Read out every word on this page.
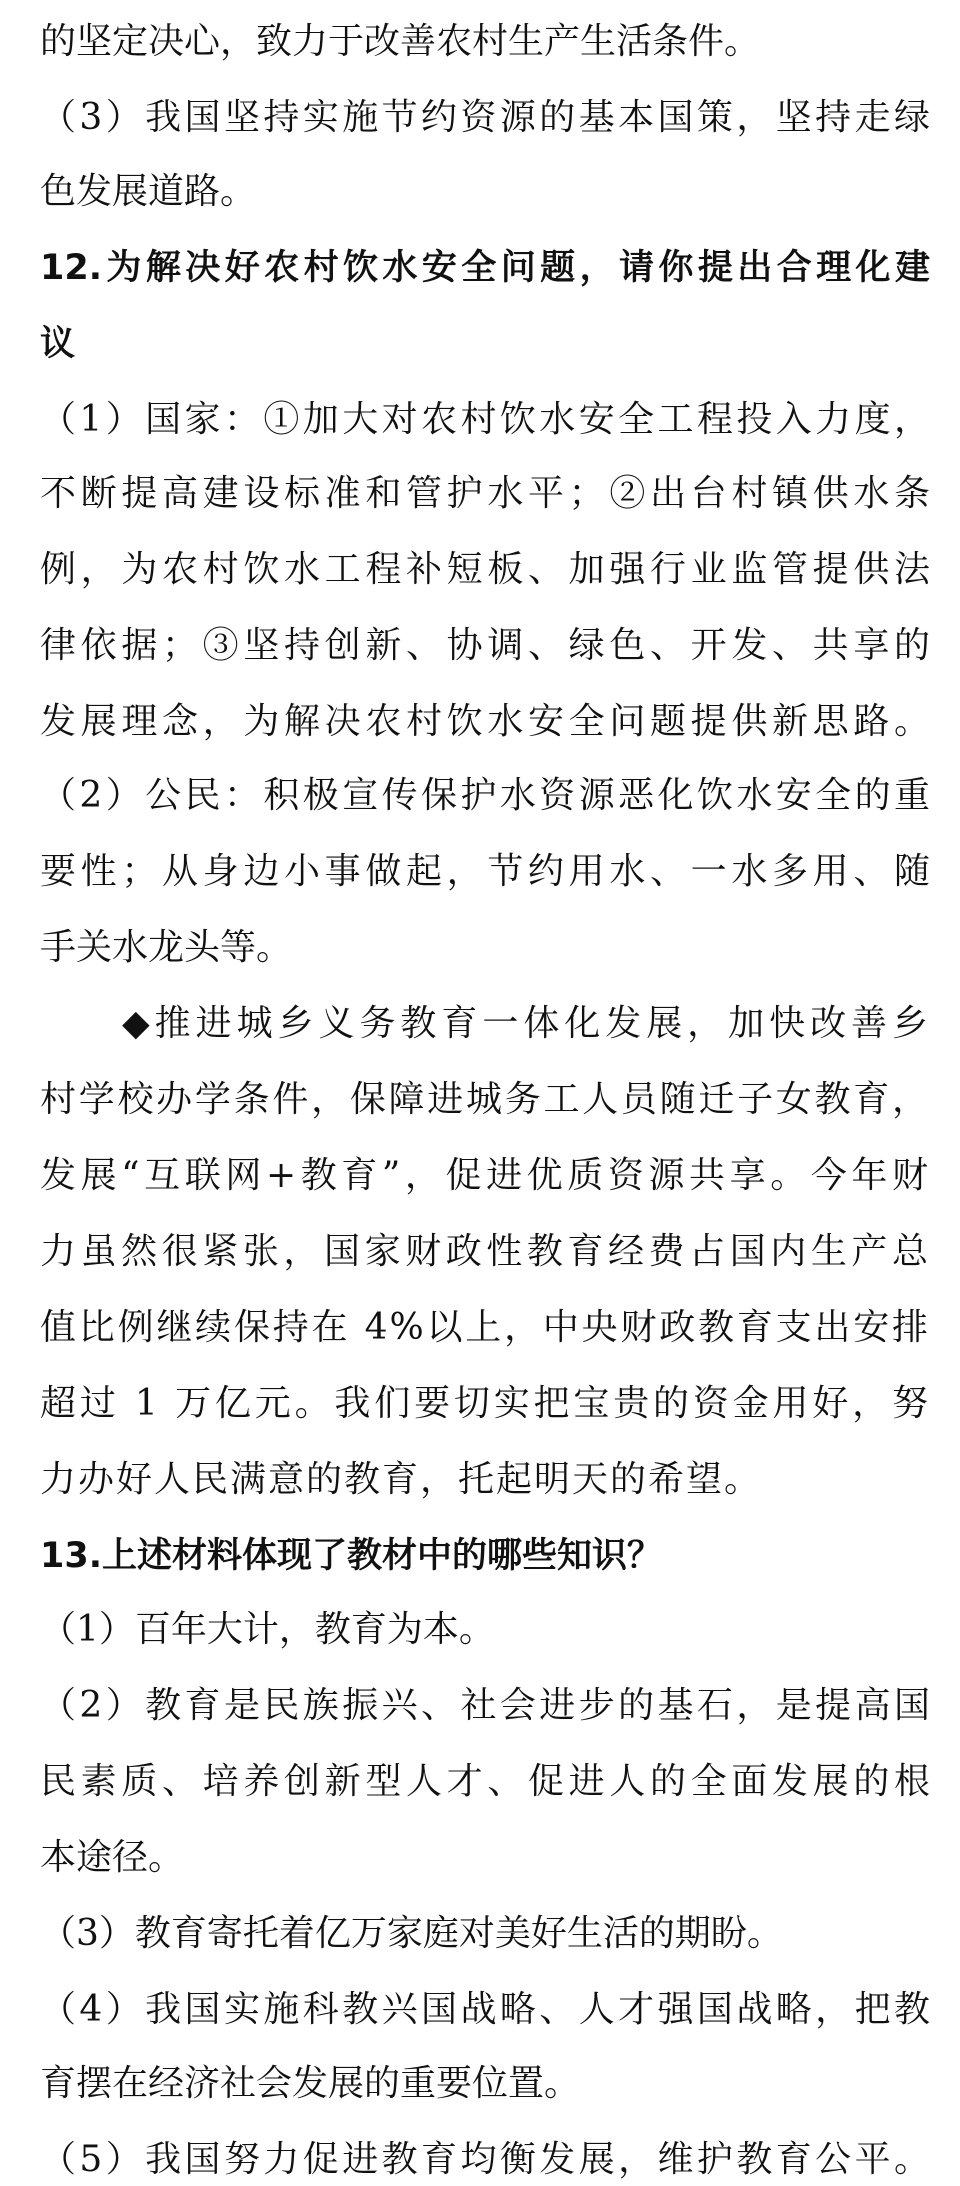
的坚定决心，致力于改善农村生产生活条件。
（3）我国坚持实施节约资源的基本国策，坚持走绿
色发展道路。
12.为解决好农村饮水安全问题，请你提出合理化建
议
（1）国家：①加大对农村饮水安全工程投入力度，
不断提高建设标准和管护水平；②出台村镇供水条
例，为农村饮水工程补短板、加强行业监管提供法
律依据；③坚持创新、协调、绿色、开发、共享的
发展理念，为解决农村饮水安全问题提供新思路。
（2）公民：积极宣传保护水资源恶化饮水安全的重
要性；从身边小事做起，节约用水、一水多用、随
手关水龙头等。
◆推进城乡义务教育一体化发展，加快改善乡
村学校办学条件，保障进城务工人员随迁子女教育，
发展“互联网+教育”，促进优质资源共享。今年财
力虽然很紧张，国家财政性教育经费占国内生产总
值比例继续保持在 4%以上，中央财政教育支出安排
超过 1 万亿元。我们要切实把宝贵的资金用好，努
力办好人民满意的教育，托起明天的希望。
13.上述材料体现了教材中的哪些知识？
（1）百年大计，教育为本。
（2）教育是民族振兴、社会进步的基石，是提高国
民素质、培养创新型人才、促进人的全面发展的根
本途径。
（3）教育寄托着亿万家庭对美好生活的期盼。
（4）我国实施科教兴国战略、人才强国战略，把教
育摆在经济社会发展的重要位置。
（5）我国努力促进教育均衡发展，维护教育公平。
